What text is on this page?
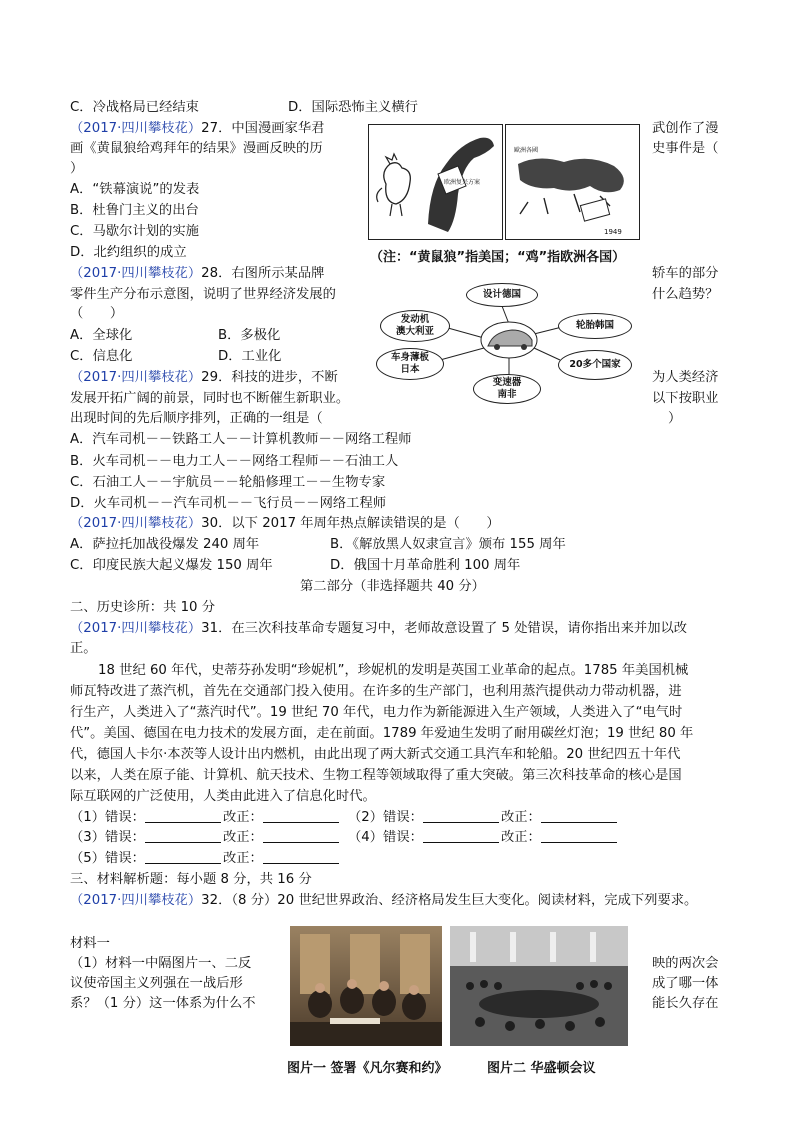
C．冷战格局已经结束	D．国际恐怖主义横行
（2017·四川攀枝花）27．中国漫画家华君	武创作了漫
画《黄鼠狼给鸡拜年的结果》漫画反映的历	史事件是（
）
A．“铁幕演说”的发表
B．杜鲁门主义的出台
C．马歇尔计划的实施
D．北约组织的成立
欧洲复兴方案
歐洲各國
1949
（注：“黄鼠狼”指美国；“鸡”指欧洲各国）
（2017·四川攀枝花）28．右图所示某品牌	轿车的部分
零件生产分布示意图，说明了世界经济发展的	什么趋势？
（　　）
A．全球化	B．多极化
C．信息化	D．工业化
设计德国
发动机
澳大利亚
轮胎韩国
车身薄板
日本	20多个国家
变速器
南非
（2017·四川攀枝花）29．科技的进步，不断	为人类经济
发展开拓广阔的前景，同时也不断催生新职业。	以下按职业
出现时间的先后顺序排列，正确的一组是（	）
A．汽车司机－－铁路工人－－计算机教师－－网络工程师
B．火车司机－－电力工人－－网络工程师－－石油工人
C．石油工人－－宇航员－－轮船修理工－－生物专家
D．火车司机－－汽车司机－－飞行员－－网络工程师
（2017·四川攀枝花）30．以下 2017 年周年热点解读错误的是（　　）
A．萨拉托加战役爆发 240 周年	B．《解放黑人奴隶宣言》颁布 155 周年
C．印度民族大起义爆发 150 周年	D．俄国十月革命胜利 100 周年
第二部分（非选择题共 40 分）
二、历史诊所：共 10 分
（2017·四川攀枝花）31．在三次科技革命专题复习中，老师故意设置了 5 处错误，请你指出来并加以改
正。
18 世纪 60 年代，史蒂芬孙发明“珍妮机”，珍妮机的发明是英国工业革命的起点。1785 年美国机械
师瓦特改进了蒸汽机，首先在交通部门投入使用。在许多的生产部门，也利用蒸汽提供动力带动机器，进
行生产，人类进入了“蒸汽时代”。19 世纪 70 年代，电力作为新能源进入生产领域，人类进入了“电气时
代”。美国、德国在电力技术的发展方面，走在前面。1789 年爱迪生发明了耐用碳丝灯泡；19 世纪 80 年
代，德国人卡尔·本茨等人设计出内燃机，由此出现了两大新式交通工具汽车和轮船。20 世纪四五十年代
以来，人类在原子能、计算机、航天技术、生物工程等领域取得了重大突破。第三次科技革命的核心是国
际互联网的广泛使用，人类由此进入了信息化时代。
（1）错误：	改正：	（2）错误：	改正：
（3）错误：	改正：	（4）错误：	改正：
（5）错误：	改正：
三、材料解析题：每小题 8 分，共 16 分
（2017·四川攀枝花）32．（8 分）20 世纪世界政治、经济格局发生巨大变化。阅读材料，完成下列要求。
材料一
（1）材料一中隔图片一、二反	映的两次会
议使帝国主义列强在一战后形	成了哪一体
系？（1 分）这一体系为什么不	能长久存在
图片一 签署《凡尔赛和约》	图片二 华盛顿会议
